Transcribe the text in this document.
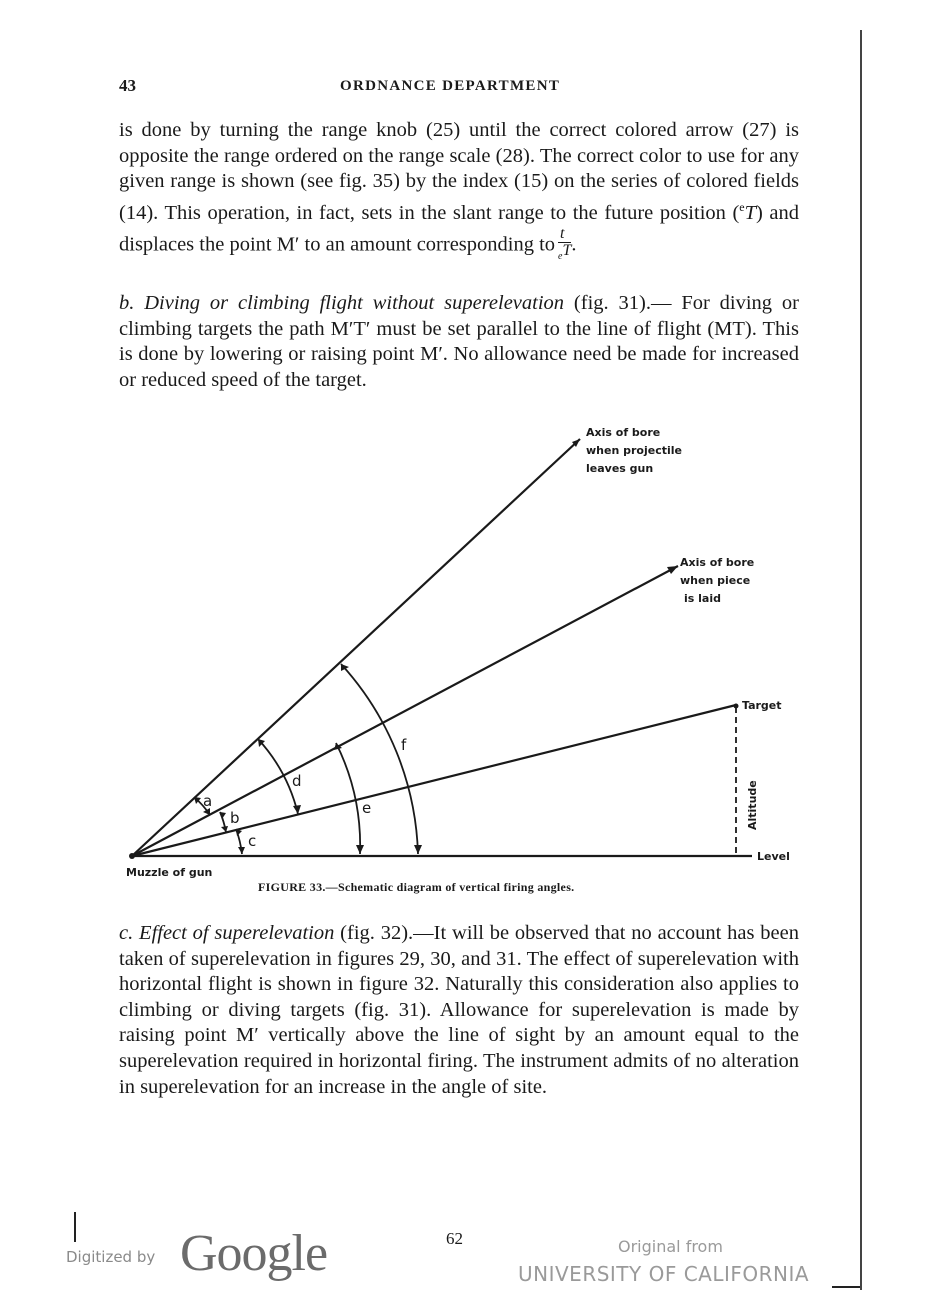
43	ORDNANCE DEPARTMENT
is done by turning the range knob (25) until the correct colored arrow (27) is opposite the range ordered on the range scale (28). The correct color to use for any given range is shown (see fig. 35) by the index (15) on the series of colored fields (14). This operation, in fact, sets in the slant range to the future position ($^e$T) and displaces the point M′ to an amount corresponding to $\frac{t}{_eT}$ .
b. Diving or climbing flight without superelevation (fig. 31).— For diving or climbing targets the path M′T′ must be set parallel to the line of flight (MT). This is done by lowering or raising point M′. No allowance need be made for increased or reduced speed of the target.
a
b
c
d
e
f
Axis of bore
when projectile
leaves gun
Axis of bore
when piece
is laid
Target
Level
Altitude
Muzzle of gun
FIGURE 33.—Schematic diagram of vertical firing angles.
c. Effect of superelevation (fig. 32).—It will be observed that no account has been taken of superelevation in figures 29, 30, and 31. The effect of superelevation with horizontal flight is shown in figure 32. Naturally this consideration also applies to climbing or diving targets (fig. 31). Allowance for superelevation is made by raising point M′ vertically above the line of sight by an amount equal to the superelevation required in horizontal firing. The instrument admits of no alteration in superelevation for an increase in the angle of site.
62
Digitized by Google	Original from
UNIVERSITY OF CALIFORNIA
